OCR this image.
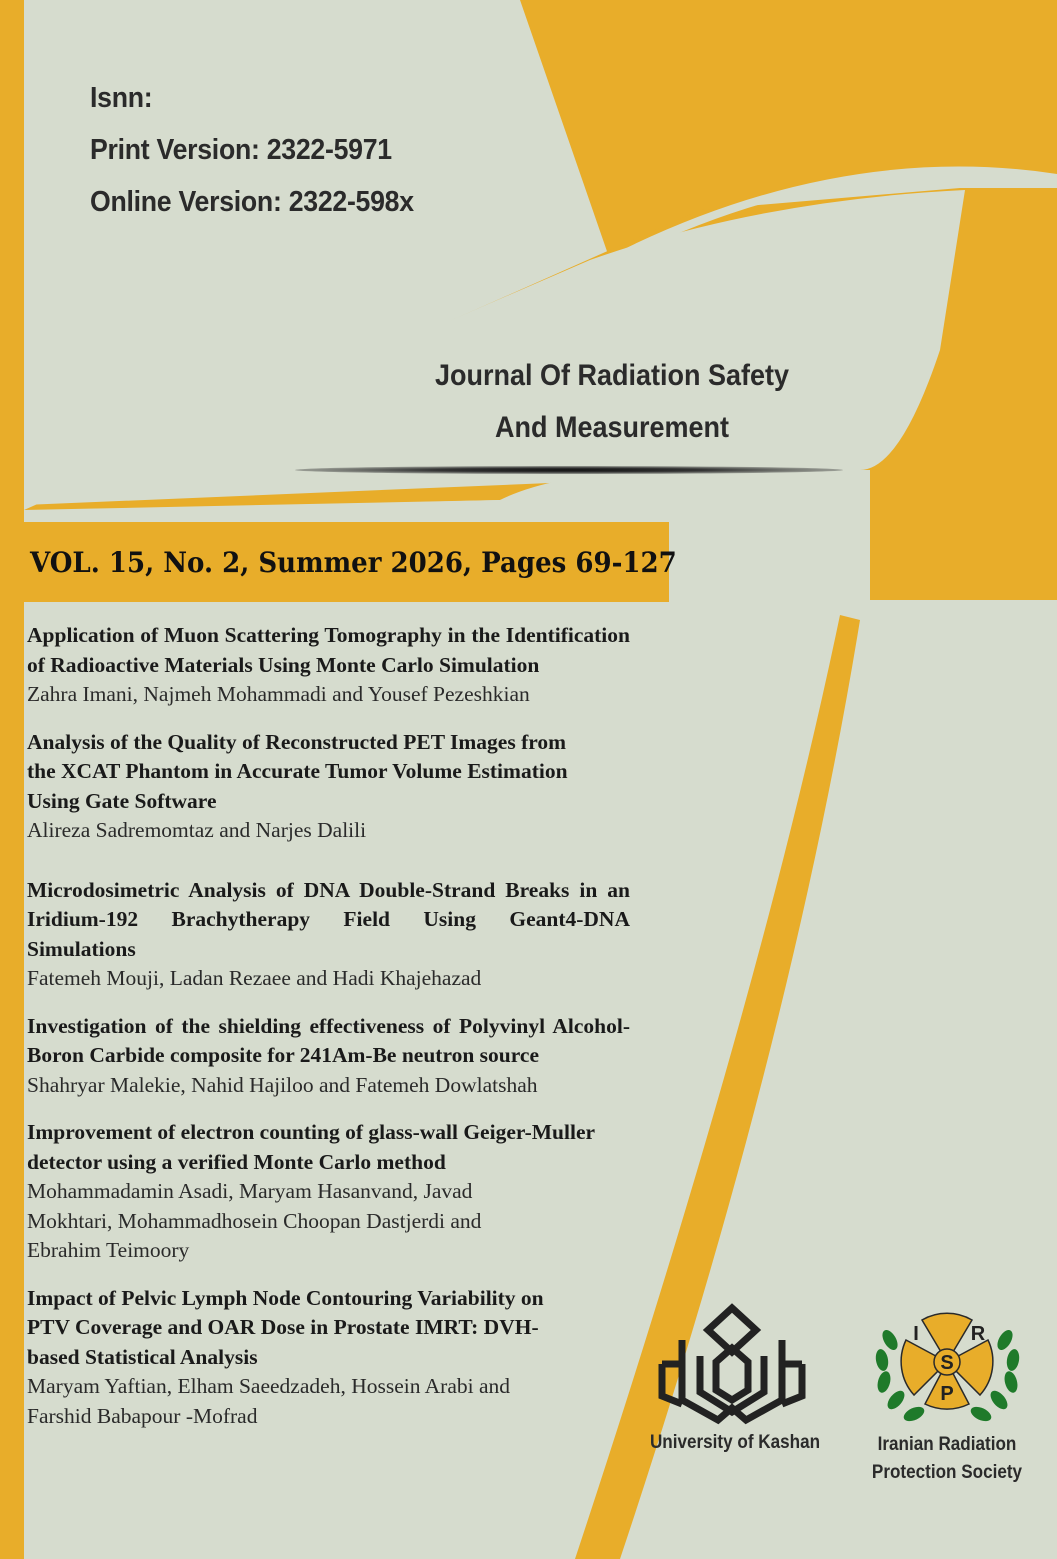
Isnn:
Print Version: 2322-5971
Online Version: 2322-598x
Journal Of Radiation Safety
And Measurement
VOL. 15, No. 2, Summer 2026, Pages 69-127
Application of Muon Scattering Tomography in the Identification of Radioactive Materials Using Monte Carlo Simulation
Zahra Imani, Najmeh Mohammadi and Yousef Pezeshkian
Analysis of the Quality of Reconstructed PET Images from the XCAT Phantom in Accurate Tumor Volume Estimation Using Gate Software
Alireza Sadremomtaz and Narjes Dalili
Microdosimetric Analysis of DNA Double-Strand Breaks in an Iridium-192 Brachytherapy Field Using Geant4-DNA Simulations
Fatemeh Mouji, Ladan Rezaee and Hadi Khajehazad
Investigation of the shielding effectiveness of Polyvinyl Alcohol-Boron Carbide composite for 241Am-Be neutron source
Shahryar Malekie, Nahid Hajiloo and Fatemeh Dowlatshah
Improvement of electron counting of glass-wall Geiger-Muller detector using a verified Monte Carlo method
Mohammadamin Asadi, Maryam Hasanvand, Javad Mokhtari, Mohammadhosein Choopan Dastjerdi and Ebrahim Teimoory
Impact of Pelvic Lymph Node Contouring Variability on PTV Coverage and OAR Dose in Prostate IMRT: DVH-based Statistical Analysis
Maryam Yaftian, Elham Saeedzadeh, Hossein Arabi and Farshid Babapour -Mofrad
University of Kashan
I
S
R
P
Iranian Radiation
Protection Society
